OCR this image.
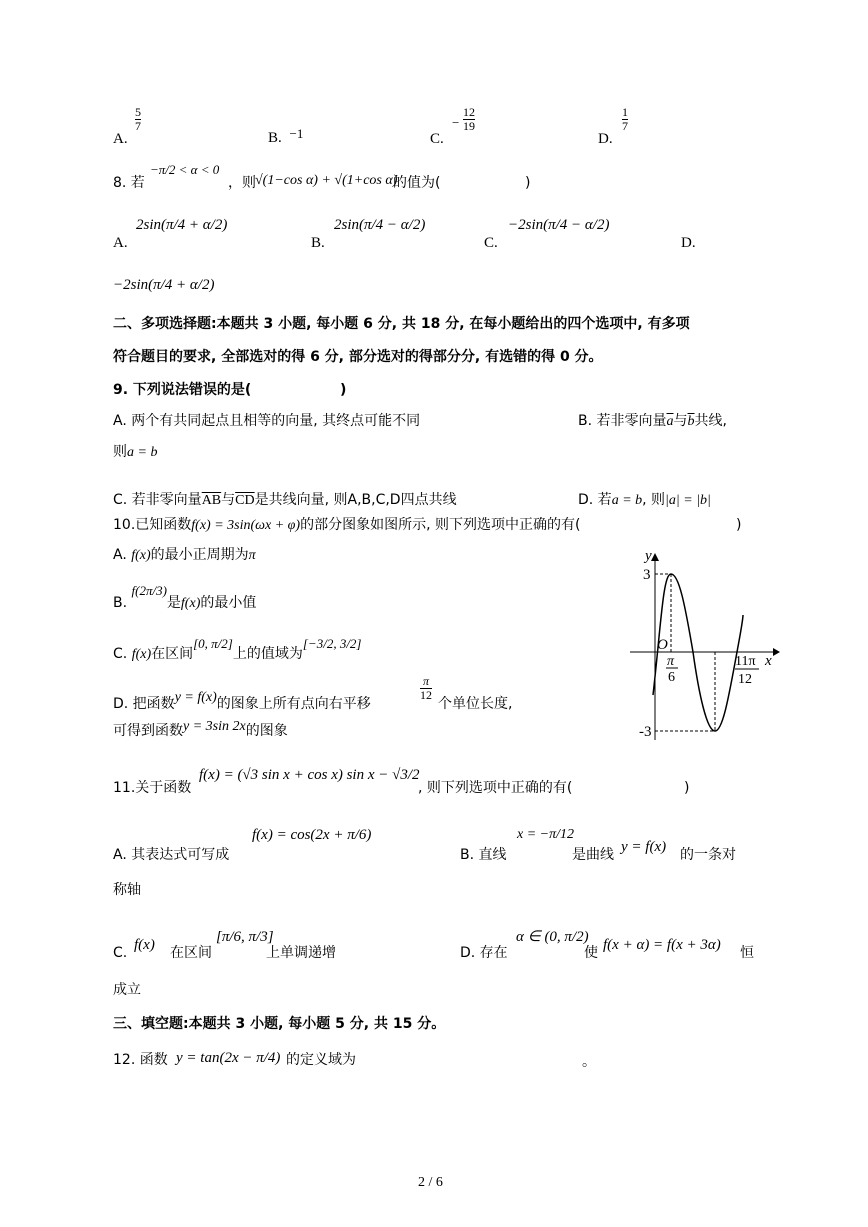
A.
5
7
B. −1	C.
−
12
19
D.
1
7
8. 若
−π/2 < α < 0
，则 √(1−cos α) + √(1+cos α)
的值为(	)
A.
2sin(π/4 + α/2)
B.
2sin(π/4 − α/2)
C.
−2sin(π/4 − α/2)
D.
−2sin(π/4 + α/2)
二、多项选择题:本题共 3 小题, 每小题 6 分, 共 18 分, 在每小题给出的四个选项中, 有多项
符合题目的要求, 全部选对的得 6 分, 部分选对的得部分分, 有选错的得 0 分。
9. 下列说法错误的是(	)
A. 两个有共同起点且相等的向量, 其终点可能不同	B. 若非零向量$\overline{a}$与$\overline{b}$共线,
则a = b
C. 若非零向量$\overline{AB}$与$\overline{CD}$是共线向量, 则A,B,C,D四点共线	D. 若a = b, 则|a| = |b|
10.已知函数f(x) = 3sin(ωx + φ)的部分图象如图所示, 则下列选项中正确的有(	)
A. f(x)的最小正周期为π
B. f(2π/3)是f(x)的最小值
C. f(x)在区间[0, π/2]上的值域为[−3/2, 3/2]
D. 把函数y = f(x)的图象上所有点向右平移
$\frac{\pi}{12}$
个单位长度,
可得到函数y = 3sin 2x的图象
y
x
O
3
-3
π
6
11π
12
11.关于函数
f(x) = (√3 sin x + cos x) sin x − √3/2
, 则下列选项中正确的有(	)
A. 其表达式可写成
f(x) = cos(2x + π/6)
B. 直线
x = −π/12
是曲线 y = f(x) 的一条对
称轴
C. f(x) 在区间
[π/6, π/3]
上单调递增	D. 存在
α ∈ (0, π/2)
使 f(x + α) = f(x + 3α) 恒
成立
三、填空题:本题共 3 小题, 每小题 5 分, 共 15 分。
12. 函数 y = tan(2x − π/4) 的定义域为	。
2 / 6
